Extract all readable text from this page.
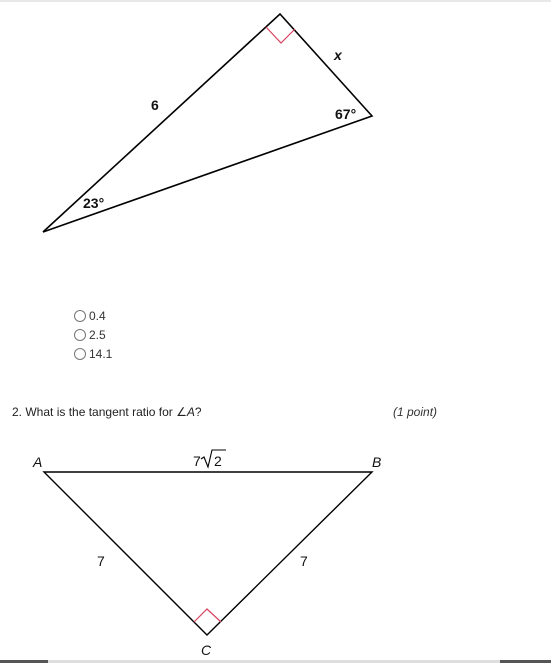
6
x
23°
67°
0.4
2.5
14.1
2. What is the tangent ratio for ∠A?	(1 point)
A	B
C
7	7
7 2
